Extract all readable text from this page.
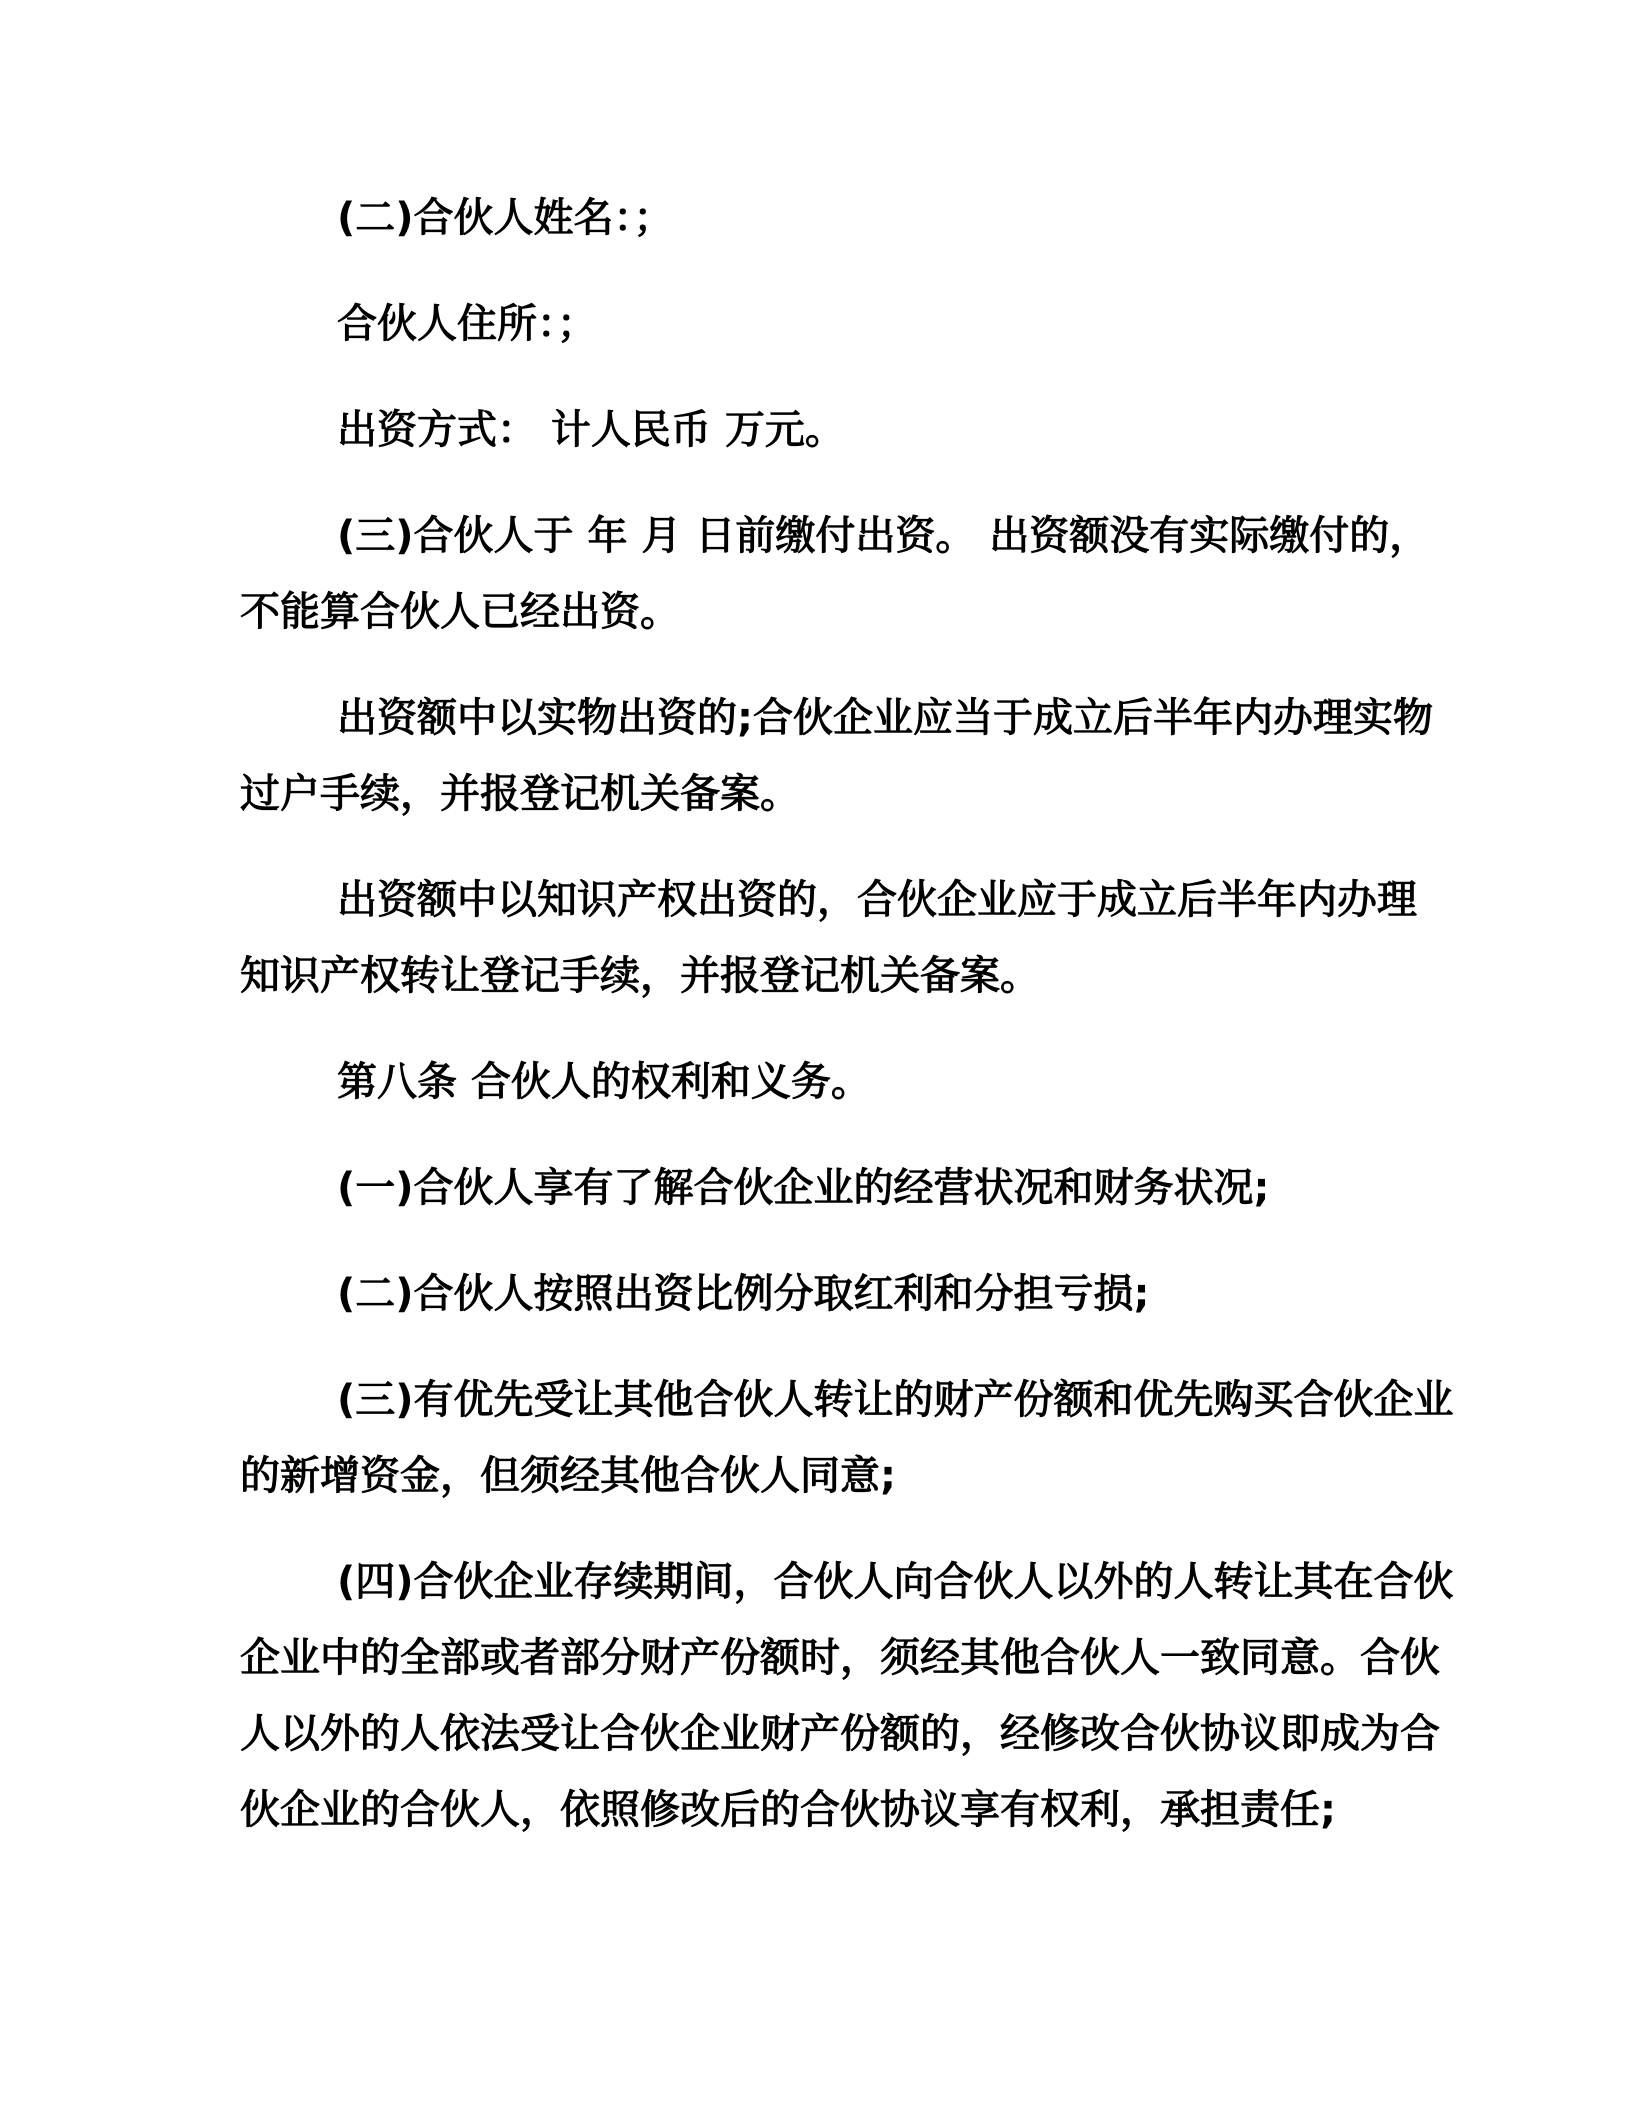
(二)合伙人姓名：；

合伙人住所：；

出资方式： 计人民币 万元。

(三)合伙人于 年 月 日前缴付出资。 出资额没有实际缴付的，不能算合伙人已经出资。

出资额中以实物出资的;合伙企业应当于成立后半年内办理实物过户手续，并报登记机关备案。

出资额中以知识产权出资的，合伙企业应于成立后半年内办理知识产权转让登记手续，并报登记机关备案。

第八条 合伙人的权利和义务。

(一)合伙人享有了解合伙企业的经营状况和财务状况;

(二)合伙人按照出资比例分取红利和分担亏损;

(三)有优先受让其他合伙人转让的财产份额和优先购买合伙企业的新增资金，但须经其他合伙人同意;

(四)合伙企业存续期间，合伙人向合伙人以外的人转让其在合伙企业中的全部或者部分财产份额时，须经其他合伙人一致同意。合伙人以外的人依法受让合伙企业财产份额的，经修改合伙协议即成为合伙企业的合伙人，依照修改后的合伙协议享有权利，承担责任;
